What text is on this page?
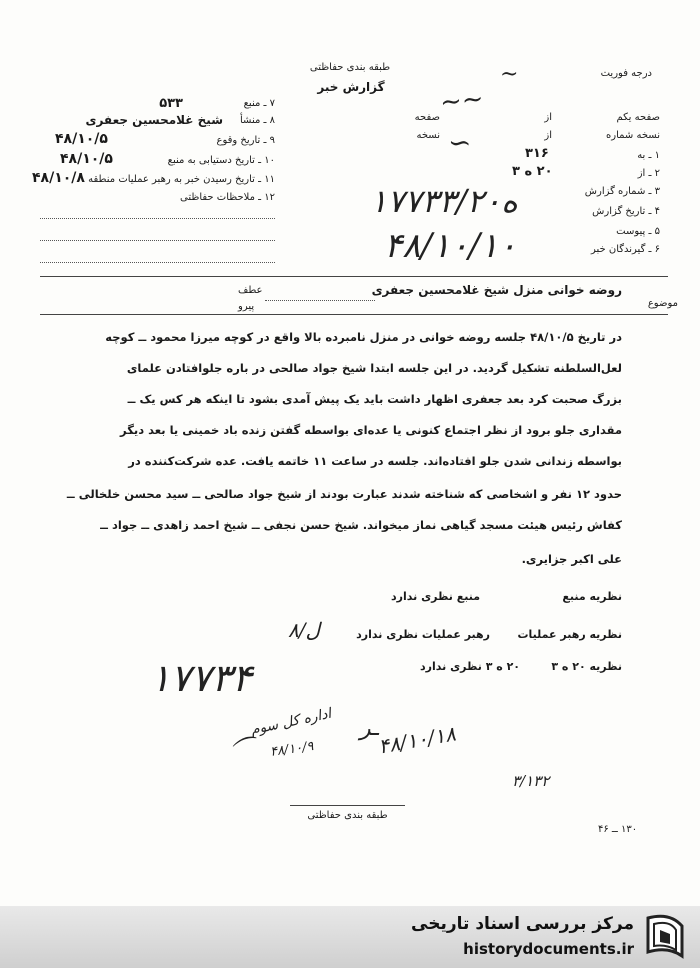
طبقه بندی حفاظتی
گزارش خبر
درجه فوریت
~
۷ ـ منبع
۵۳۳
۸ ـ منشأ
شیخ غلامحسین جعفری
۹ ـ تاریخ وقوع
۴۸/۱۰/۵
۱۰ ـ تاریخ دستیابی به منبع
۴۸/۱۰/۵
۱۱ ـ تاریخ رسیدن خبر به رهبر عملیات منطقه
۴۸/۱۰/۸
۱۲ ـ ملاحظات حفاظتی
صفحه یکم
از
صفحه
نسخه شماره
از
نسخه
۱ ـ به
۳۱۶
۲ ـ از
۲۰ ه ۳
۳ ـ شماره گزارش
۴ ـ تاریخ گزارش
۵ ـ پیوست
۶ ـ گیرندگان خبر
۱۷۷۳۳/۲۰ه
۴۸/۱۰/۱۰
~~
∽
موضوع
روضه خوانی منزل شیخ غلامحسین جعفری
عطف
پیرو
در تاریخ ۴۸/۱۰/۵ جلسه روضه خوانی در منزل نامبرده بالا واقع در کوچه میرزا محمود ــ کوچه
لعل‌السلطنه تشکیل گردید. در این جلسه ابتدا شیخ جواد صالحی در باره جلوافتادن علمای
بزرگ صحبت کرد بعد جعفری اظهار داشت باید یک پیش آمدی بشود تا اینکه هر کس یک ــ
مقداری جلو برود از نظر اجتماع کنونی یا عده‌ای بواسطه گفتن زنده باد خمینی یا بعد دیگر
بواسطه زندانی شدن جلو افتاده‌اند. جلسه در ساعت ۱۱ خاتمه یافت. عده شرکت‌کننده در
حدود ۱۲ نفر و اشخاصی که شناخته شدند عبارت بودند از شیخ جواد صالحی ــ سید محسن خلخالی ــ
کفاش رئیس هیئت مسجد گیاهی نماز میخواند. شیخ حسن نجفی ــ شیخ احمد زاهدی ــ جواد ــ
علی اکبر جزایری.
نظریه منبع
منبع نظری ندارد
نظریه رهبر عملیات
رهبر عملیات نظری ندارد
ل/۸
نظریه ۲۰ ه ۳
۲۰ ه ۳ نظری ندارد
۱۷۷۳۴
اداره کل سوم ۴۸/۱۰/۱۸
۴۸/۱۰/۹
⌒
ـر
۳/۱۳۲
طبقه بندی حفاظتی
۱۳۰ ــ ۴۶
مرکز بررسی اسناد تاریخی
historydocuments.ir
